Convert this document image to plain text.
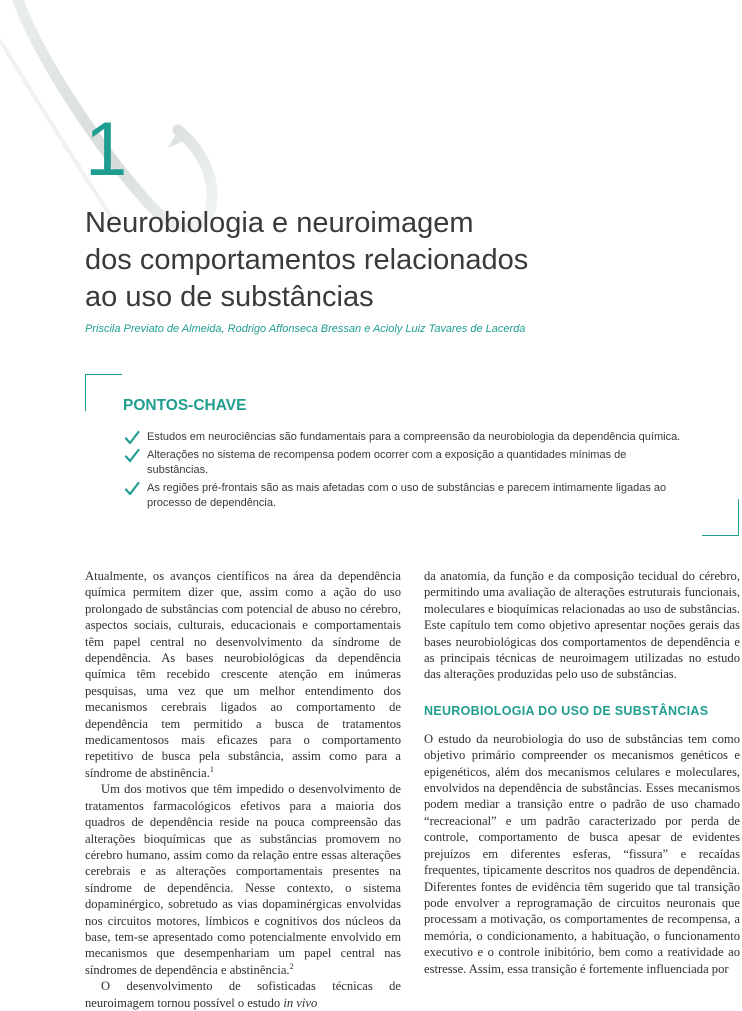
1
Neurobiologia e neuroimagem
dos comportamentos relacionados
ao uso de substâncias
Priscila Previato de Almeida, Rodrigo Affonseca Bressan e Acioly Luiz Tavares de Lacerda
PONTOS-CHAVE
Estudos em neurociências são fundamentais para a compreensão da neurobiologia da dependência química.
Alterações no sistema de recompensa podem ocorrer com a exposição a quantidades mínimas de substâncias.
As regiões pré-frontais são as mais afetadas com o uso de substâncias e parecem intimamente ligadas ao processo de dependência.

Atualmente, os avanços científicos na área da dependência química permitem dizer que, assim como a ação do uso prolongado de substâncias com potencial de abuso no cérebro, aspectos sociais, culturais, educacionais e comportamentais têm papel central no desenvolvimento da síndrome de dependência. As bases neurobiológicas da dependência química têm recebido crescente atenção em inúmeras pesquisas, uma vez que um melhor entendimento dos mecanismos cerebrais ligados ao comportamento de dependência tem permitido a busca de tratamentos medicamentosos mais eficazes para o comportamento repetitivo de busca pela substância, assim como para a síndrome de abstinência.$^1$

Um dos motivos que têm impedido o desenvolvimento de tratamentos farmacológicos efetivos para a maioria dos quadros de dependência reside na pouca compreensão das alterações bioquímicas que as substâncias promovem no cérebro humano, assim como da relação entre essas alterações cerebrais e as alterações comportamentais presentes na síndrome de dependência. Nesse contexto, o sistema dopaminérgico, sobretudo as vias dopaminérgicas envolvidas nos circuitos motores, límbicos e cognitivos dos núcleos da base, tem-se apresentado como potencialmente envolvido em mecanismos que desempenhariam um papel central nas síndromes de dependência e abstinência.$^2$

O desenvolvimento de sofisticadas técnicas de neuroimagem tornou possível o estudo in vivo

da anatomia, da função e da composição tecidual do cérebro, permitindo uma avaliação de alterações estruturais funcionais, moleculares e bioquímicas relacionadas ao uso de substâncias. Este capítulo tem como objetivo apresentar noções gerais das bases neurobiológicas dos comportamentos de dependência e as principais técnicas de neuroimagem utilizadas no estudo das alterações produzidas pelo uso de substâncias.

NEUROBIOLOGIA DO USO DE SUBSTÂNCIAS

O estudo da neurobiologia do uso de substâncias tem como objetivo primário compreender os mecanismos genéticos e epigenéticos, além dos mecanismos celulares e moleculares, envolvidos na dependência de substâncias. Esses mecanismos podem mediar a transição entre o padrão de uso chamado “recreacional” e um padrão caracterizado por perda de controle, comportamento de busca apesar de evidentes prejuízos em diferentes esferas, “fissura” e recaídas frequentes, tipicamente descritos nos quadros de dependência. Diferentes fontes de evidência têm sugerido que tal transição pode envolver a reprogramação de circuitos neuronais que processam a motivação, os comportamentes de recompensa, a memória, o condicionamento, a habituação, o funcionamento executivo e o controle inibitório, bem como a reatividade ao estresse. Assim, essa transição é fortemente influenciada por
